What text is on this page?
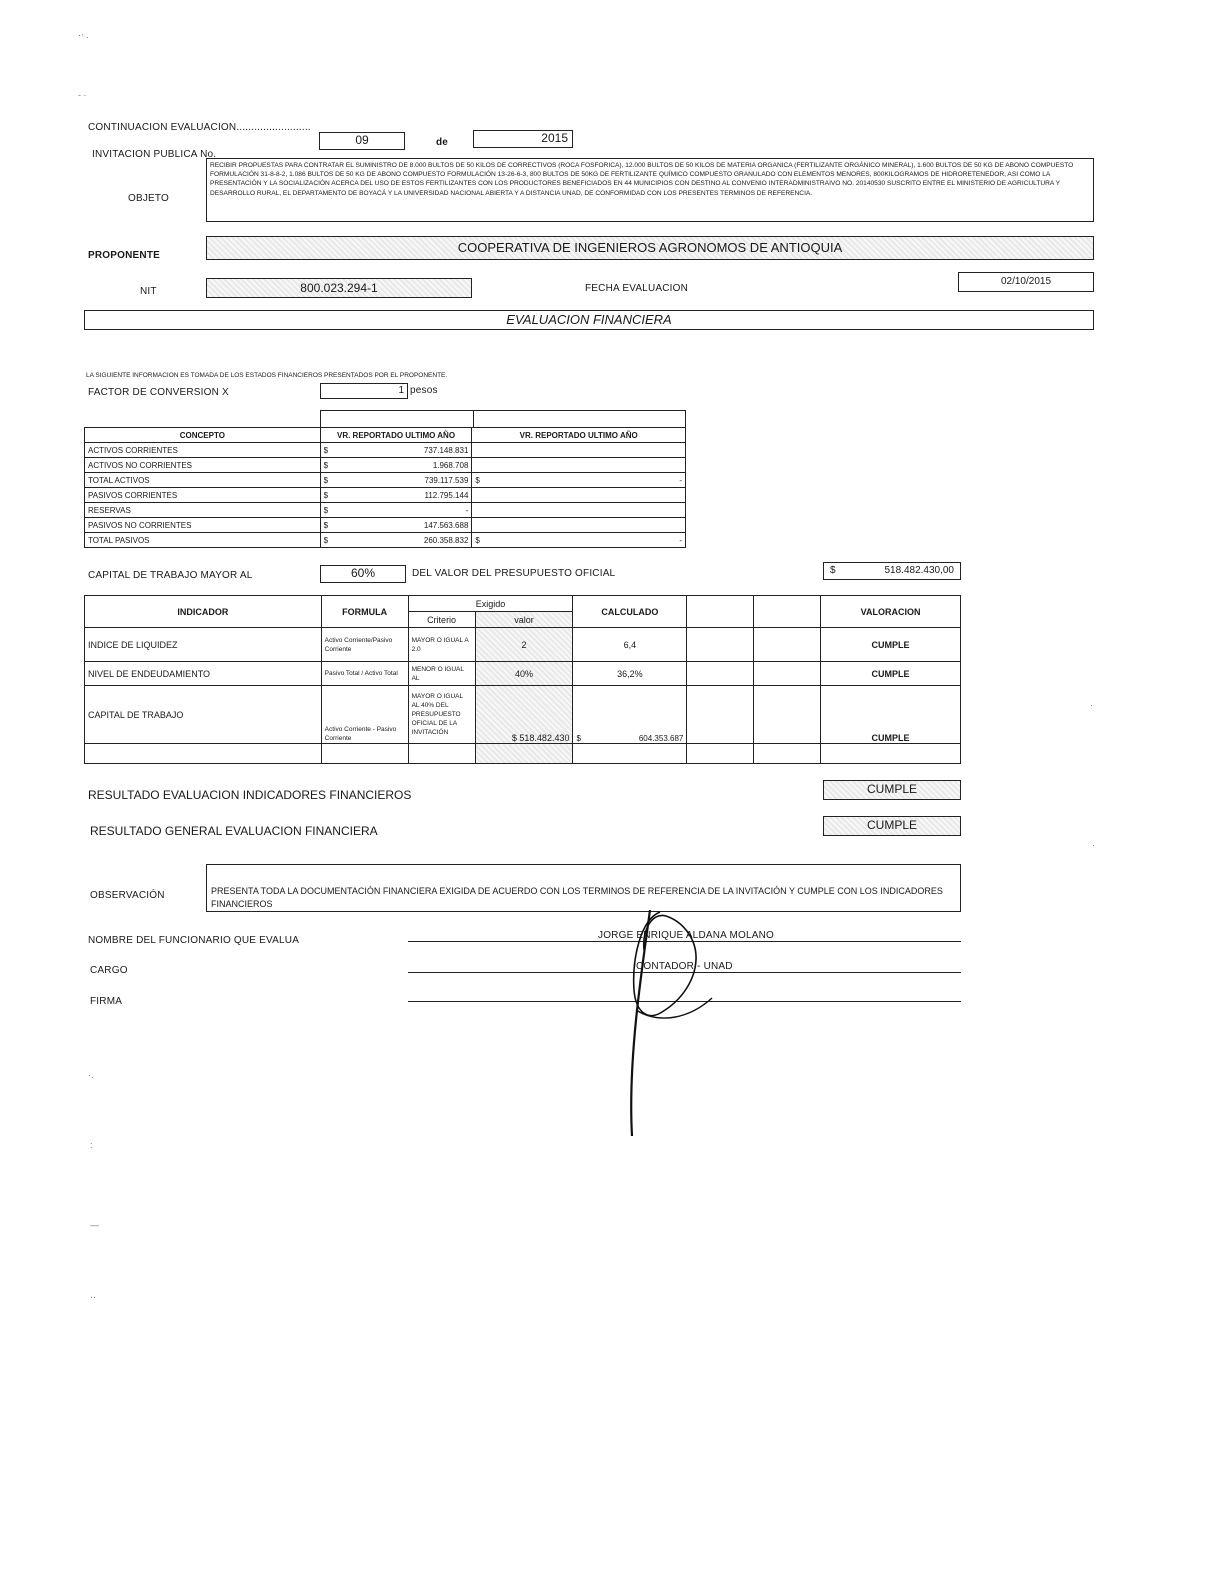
·‧ .
‐ ·
·.
:
—
‥
·
·
CONTINUACION EVALUACION.........................
INVITACION PUBLICA No.
09	de	2015
OBJETO
RECIBIR PROPUESTAS PARA CONTRATAR EL SUMINISTRO DE 8.000 BULTOS DE 50 KILOS DE CORRECTIVOS (ROCA FOSFORICA), 12.000 BULTOS DE 50 KILOS DE MATERIA ORGANICA (FERTILIZANTE ORGÁNICO MINERAL), 1.600 BULTOS DE 50 KG DE ABONO COMPUESTO FORMULACIÓN 31-8-8-2, 1.086 BULTOS DE 50 KG DE ABONO COMPUESTO FORMULACIÓN 13-26-6-3, 800 BULTOS DE 50KG DE FERTILIZANTE QUÍMICO COMPUESTO GRANULADO CON ELEMENTOS MENORES, 800KILOGRAMOS DE HIDRORETENEDOR, ASI COMO LA PRESENTACIÓN Y LA SOCIALIZACIÓN ACERCA DEL USO DE ESTOS FERTILIZANTES CON LOS PRODUCTORES BENEFICIADOS EN 44 MUNICIPIOS CON DESTINO AL CONVENIO INTERADMINISTRAIVO NO. 20140530 SUSCRITO ENTRE EL MINISTERIO DE AGRICULTURA Y DESARROLLO RURAL, EL DEPARTAMENTO DE BOYACÁ Y LA UNIVERSIDAD NACIONAL ABIERTA Y A DISTANCIA UNAD, DE CONFORMIDAD CON LOS PRESENTES TERMINOS DE REFERENCIA.
PROPONENTE
COOPERATIVA DE INGENIEROS AGRONOMOS DE ANTIOQUIA
NIT	800.023.294-1	FECHA EVALUACION
02/10/2015
EVALUACION FINANCIERA
LA SIGUIENTE INFORMACION ES TOMADA DE LOS ESTADOS FINANCIEROS PRESENTADOS POR EL PROPONENTE.
FACTOR DE CONVERSION X	1 pesos
CONCEPTO	VR. REPORTADO ULTIMO AÑO		VR. REPORTADO ULTIMO AÑO	
ACTIVOS CORRIENTES	$	737.148.831		
ACTIVOS NO CORRIENTES	$	1.968.708		
TOTAL ACTIVOS	$	739.117.539	$	-
PASIVOS CORRIENTES	$	112.795.144		
RESERVAS	$	-		
PASIVOS NO CORRIENTES	$	147.563.688		
TOTAL PASIVOS	$	260.358.832	$	-
CAPITAL DE TRABAJO MAYOR AL	60%	DEL VALOR DEL PRESUPUESTO OFICIAL	$	518.482.430,00
INDICADOR	FORMULA	Exigido		CALCULADO			VALORACION
		Criterio	valor				
INDICE DE LIQUIDEZ	Activo Corriente/Pasivo Corriente	MAYOR O IGUAL A 2.0	2	6,4			CUMPLE
NIVEL DE ENDEUDAMIENTO	Pasivo Total / Activo Total	MENOR O IGUAL AL	40%	36,2%			CUMPLE
CAPITAL DE TRABAJO	Activo Corriente - Pasivo Corriente	MAYOR O IGUAL AL 40% DEL PRESUPUESTO OFICIAL DE LA INVITACIÓN	$ 518.482.430	$ 604.353.687			CUMPLE

RESULTADO EVALUACION INDICADORES FINANCIEROS	CUMPLE
RESULTADO GENERAL EVALUACION FINANCIERA	CUMPLE
OBSERVACIÓN	PRESENTA TODA LA DOCUMENTACIÓN FINANCIERA EXIGIDA DE ACUERDO CON LOS TERMINOS DE REFERENCIA DE LA INVITACIÓN Y CUMPLE CON LOS INDICADORES FINANCIEROS
NOMBRE DEL FUNCIONARIO QUE EVALUA	JORGE ENRIQUE ALDANA MOLANO
CARGO	CONTADOR - UNAD
FIRMA
